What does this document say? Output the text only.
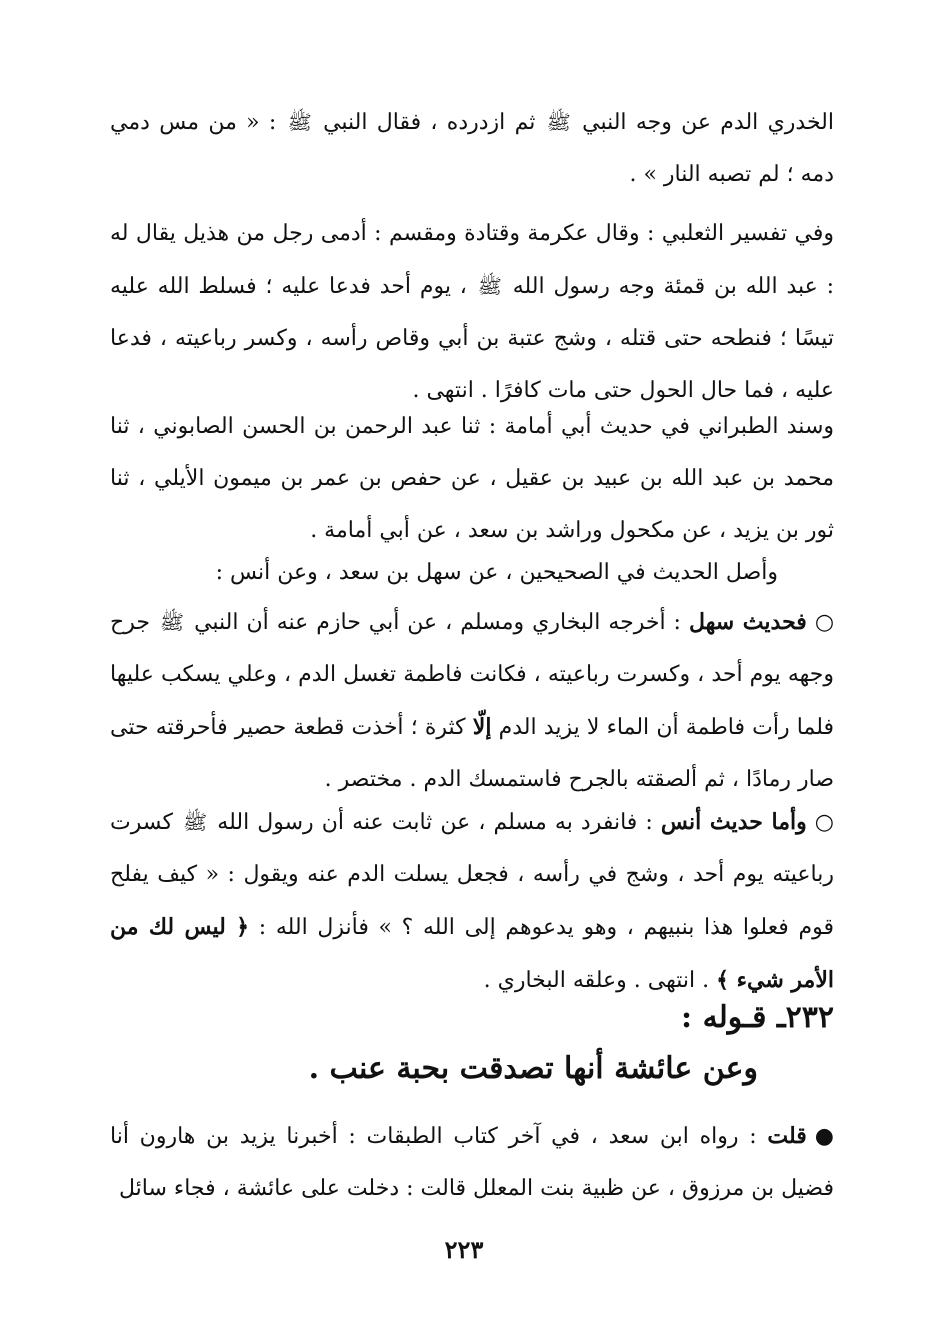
الخدري الدم عن وجه النبي ﷺ ثم ازدرده ، فقال النبي ﷺ : « من مس دمي دمه ؛ لم تصبه النار » .
وفي تفسير الثعلبي : وقال عكرمة وقتادة ومقسم : أدمى رجل من هذيل يقال له : عبد الله بن قمئة وجه رسول الله ﷺ ، يوم أحد فدعا عليه ؛ فسلط الله عليه تيسًا ؛ فنطحه حتى قتله ، وشج عتبة بن أبي وقاص رأسه ، وكسر رباعيته ، فدعا عليه ، فما حال الحول حتى مات كافرًا . انتهى .
وسند الطبراني في حديث أبي أمامة : ثنا عبد الرحمن بن الحسن الصابوني ، ثنا محمد بن عبد الله بن عبيد بن عقيل ، عن حفص بن عمر بن ميمون الأيلي ، ثنا ثور بن يزيد ، عن مكحول وراشد بن سعد ، عن أبي أمامة .
وأصل الحديث في الصحيحين ، عن سهل بن سعد ، وعن أنس :
○فحديث سهل : أخرجه البخاري ومسلم ، عن أبي حازم عنه أن النبي ﷺ جرح وجهه يوم أحد ، وكسرت رباعيته ، فكانت فاطمة تغسل الدم ، وعلي يسكب عليها فلما رأت فاطمة أن الماء لا يزيد الدم إلّا كثرة ؛ أخذت قطعة حصير فأحرقته حتى صار رمادًا ، ثم ألصقته بالجرح فاستمسك الدم . مختصر .
○وأما حديث أنس : فانفرد به مسلم ، عن ثابت عنه أن رسول الله ﷺ كسرت رباعيته يوم أحد ، وشج في رأسه ، فجعل يسلت الدم عنه ويقول : « كيف يفلح قوم فعلوا هذا بنبيهم ، وهو يدعوهم إلى الله ؟ » فأنزل الله : ﴿ ليس لك من الأمر شيء ﴾ . انتهى . وعلقه البخاري .
٢٣٢ـ قـوله :
وعن عائشة أنها تصدقت بحبة عنب .
●قلت : رواه ابن سعد ، في آخر كتاب الطبقات : أخبرنا يزيد بن هارون أنا فضيل بن مرزوق ، عن ظبية بنت المعلل قالت : دخلت على عائشة ، فجاء سائل
٢٢٣
